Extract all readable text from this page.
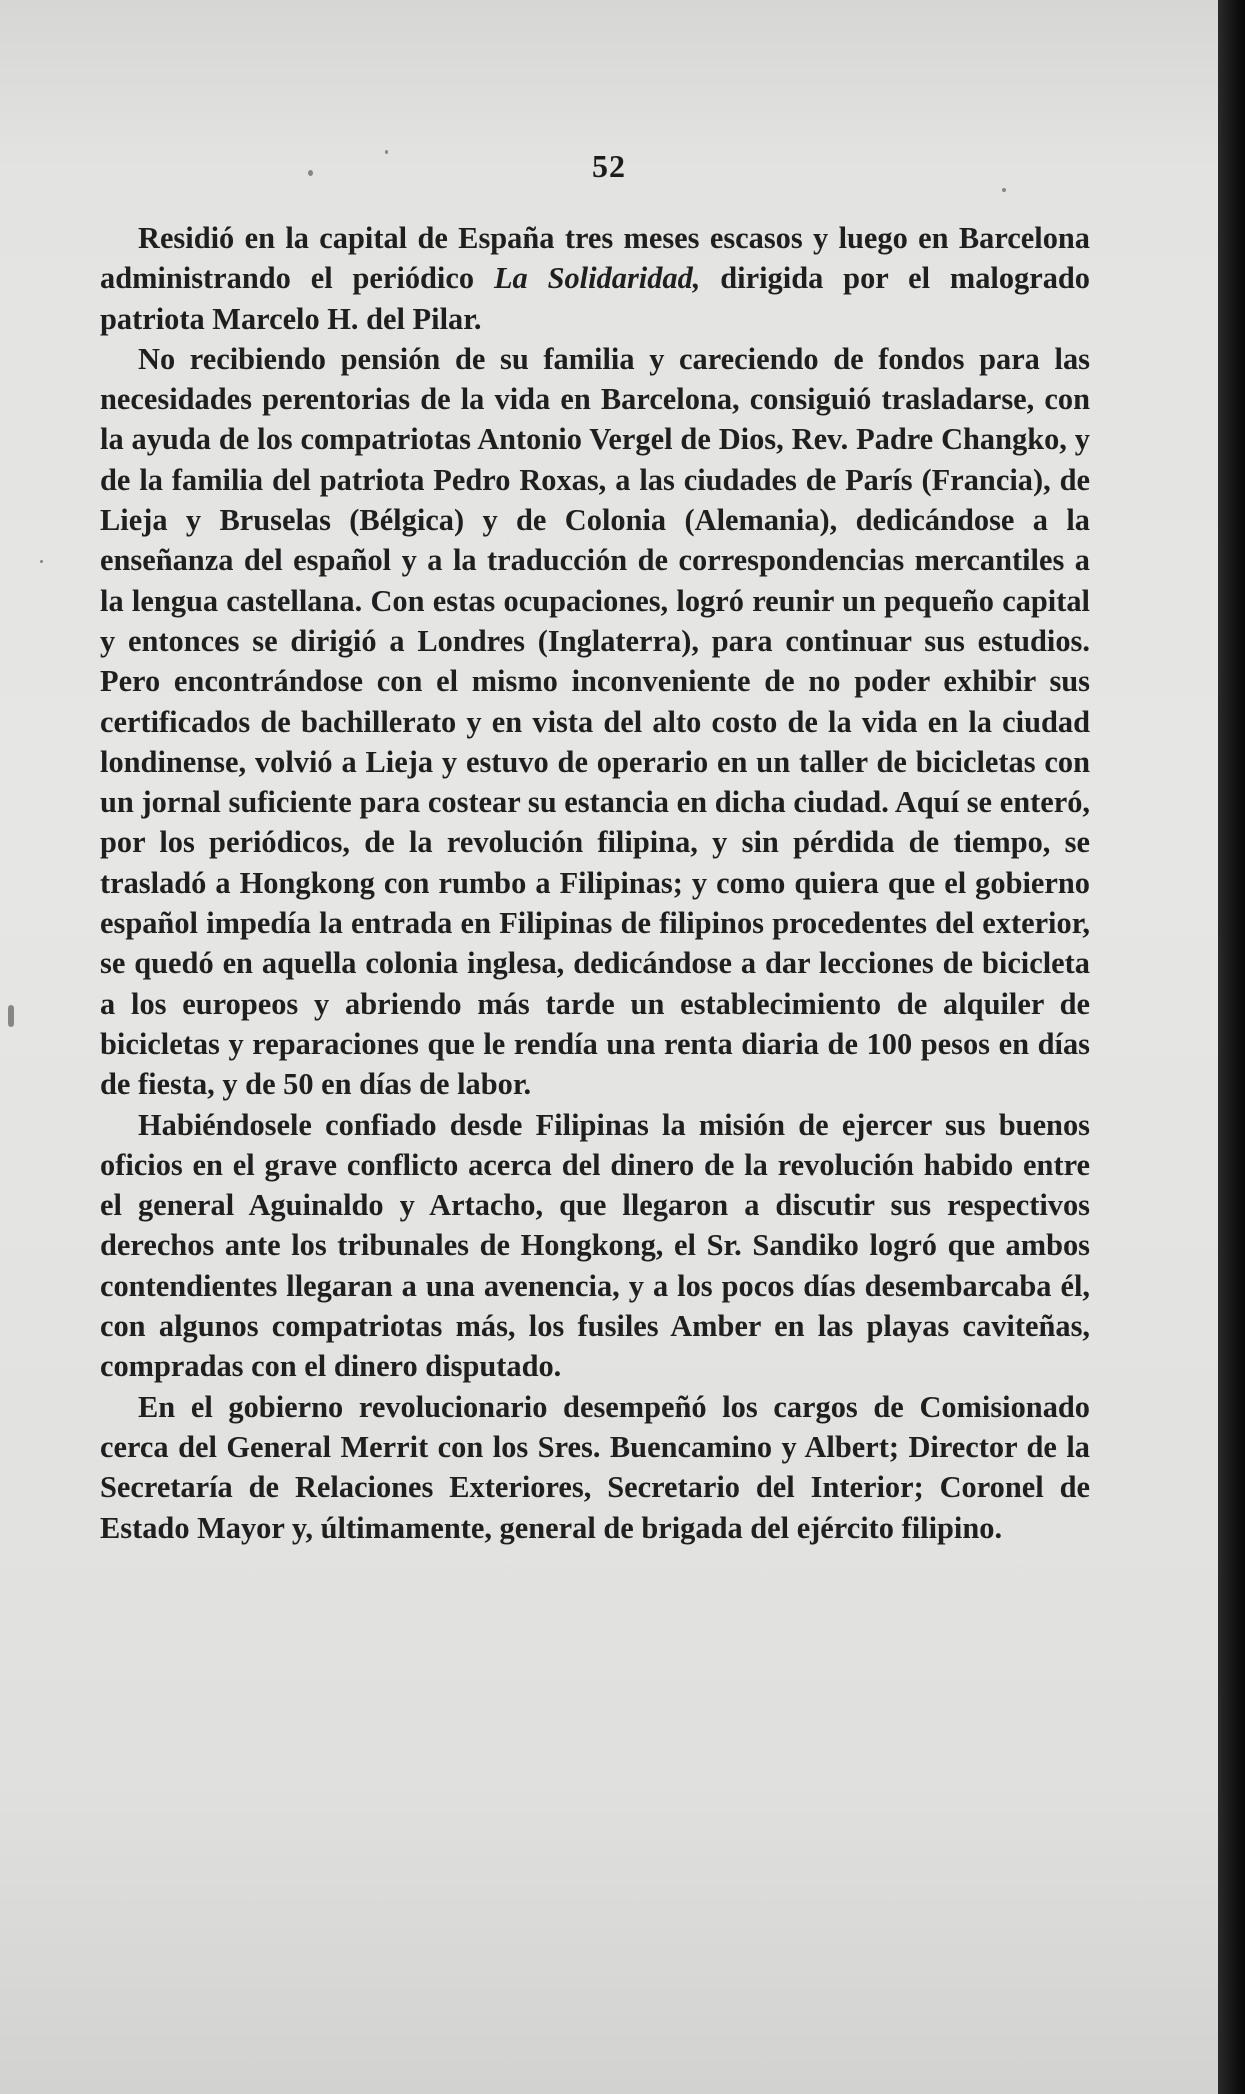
52

Residió en la capital de España tres meses escasos y luego en Barcelona administrando el periódico La Solidaridad, dirigida por el malogrado patriota Marcelo H. del Pilar.

No recibiendo pensión de su familia y careciendo de fondos para las necesidades perentorias de la vida en Barcelona, consiguió trasladarse, con la ayuda de los compatriotas Antonio Vergel de Dios, Rev. Padre Changko, y de la familia del patriota Pedro Roxas, a las ciudades de París (Francia), de Lieja y Bruselas (Bélgica) y de Colonia (Alemania), dedicándose a la enseñanza del español y a la traducción de correspondencias mercantiles a la lengua castellana. Con estas ocupaciones, logró reunir un pequeño capital y entonces se dirigió a Londres (Inglaterra), para continuar sus estudios. Pero encontrándose con el mismo inconveniente de no poder exhibir sus certificados de bachillerato y en vista del alto costo de la vida en la ciudad londinense, volvió a Lieja y estuvo de operario en un taller de bicicletas con un jornal suficiente para costear su estancia en dicha ciudad. Aquí se enteró, por los periódicos, de la revolución filipina, y sin pérdida de tiempo, se trasladó a Hongkong con rumbo a Filipinas; y como quiera que el gobierno español impedía la entrada en Filipinas de filipinos procedentes del exterior, se quedó en aquella colonia inglesa, dedicándose a dar lecciones de bicicleta a los europeos y abriendo más tarde un establecimiento de alquiler de bicicletas y reparaciones que le rendía una renta diaria de 100 pesos en días de fiesta, y de 50 en días de labor.

Habiéndosele confiado desde Filipinas la misión de ejercer sus buenos oficios en el grave conflicto acerca del dinero de la revolución habido entre el general Aguinaldo y Artacho, que llegaron a discutir sus respectivos derechos ante los tribunales de Hongkong, el Sr. Sandiko logró que ambos contendientes llegaran a una avenencia, y a los pocos días desembarcaba él, con algunos compatriotas más, los fusiles Amber en las playas caviteñas, compradas con el dinero disputado.

En el gobierno revolucionario desempeñó los cargos de Comisionado cerca del General Merrit con los Sres. Buencamino y Albert; Director de la Secretaría de Relaciones Exteriores, Secretario del Interior; Coronel de Estado Mayor y, últimamente, general de brigada del ejército filipino.
